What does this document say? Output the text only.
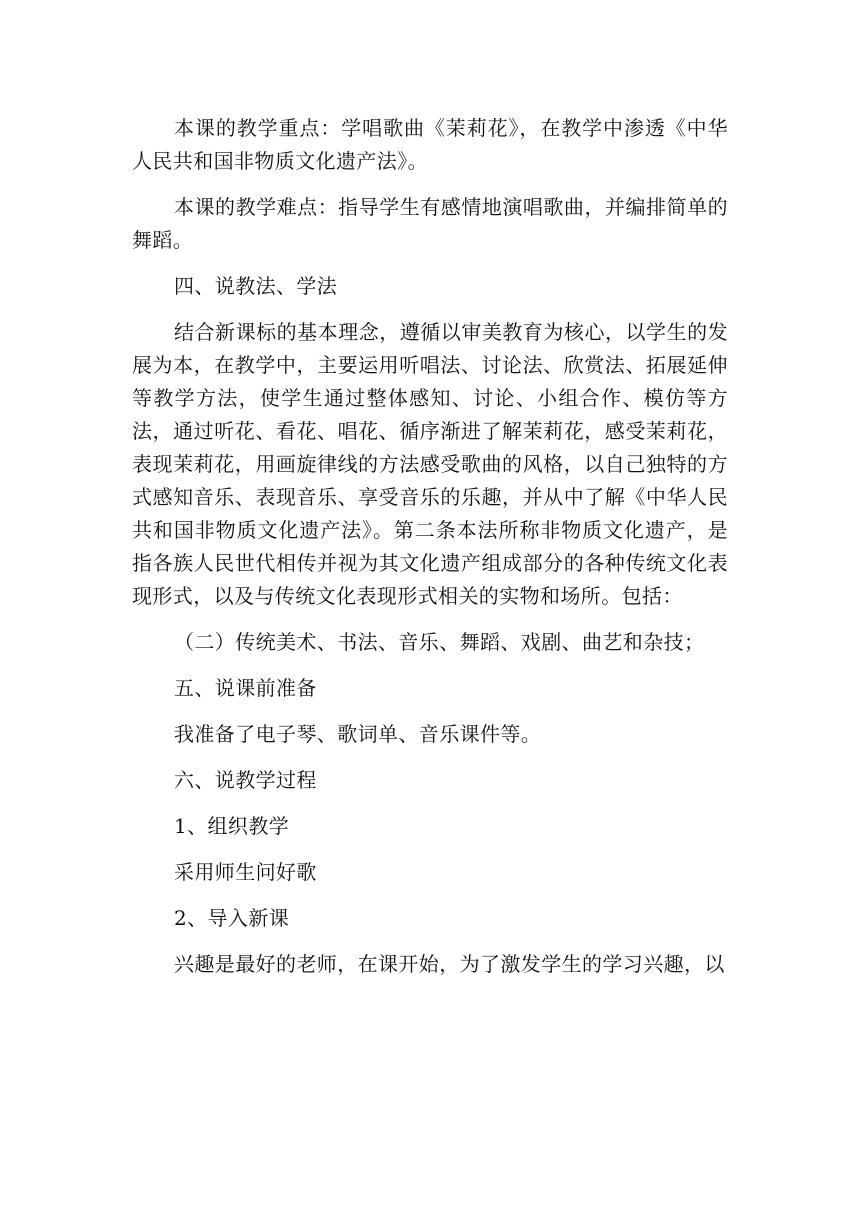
本课的教学重点：学唱歌曲《茉莉花》，在教学中渗透《中华人民共和国非物质文化遗产法》。

本课的教学难点：指导学生有感情地演唱歌曲，并编排简单的舞蹈。

四、说教法、学法

结合新课标的基本理念，遵循以审美教育为核心，以学生的发展为本，在教学中，主要运用听唱法、讨论法、欣赏法、拓展延伸等教学方法，使学生通过整体感知、讨论、小组合作、模仿等方法，通过听花、看花、唱花、循序渐进了解茉莉花，感受茉莉花，表现茉莉花，用画旋律线的方法感受歌曲的风格，以自己独特的方式感知音乐、表现音乐、享受音乐的乐趣，并从中了解《中华人民共和国非物质文化遗产法》。第二条本法所称非物质文化遗产，是指各族人民世代相传并视为其文化遗产组成部分的各种传统文化表现形式，以及与传统文化表现形式相关的实物和场所。包括：

（二）传统美术、书法、音乐、舞蹈、戏剧、曲艺和杂技；

五、说课前准备

我准备了电子琴、歌词单、音乐课件等。

六、说教学过程

1、组织教学

采用师生问好歌

2、导入新课

兴趣是最好的老师，在课开始，为了激发学生的学习兴趣，以
